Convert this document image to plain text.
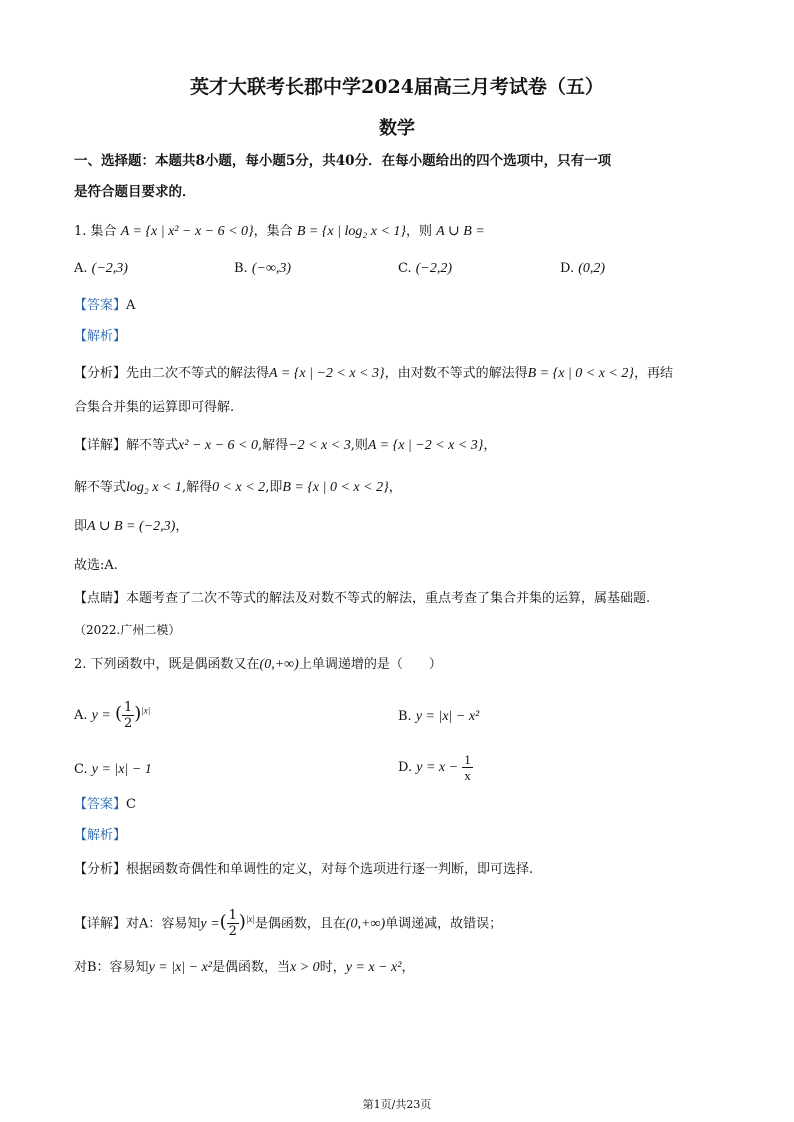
英才大联考长郡中学2024届高三月考试卷（五）
数学
一、选择题：本题共8小题，每小题5分，共40分．在每小题给出的四个选项中，只有一项
是符合题目要求的．
1. 集合 A = {x | x² − x − 6 < 0}，集合 B = {x | log₂ x < 1}，则 A ∪ B =
A. (−2,3)	B. (−∞,3)	C. (−2,2)	D. (0,2)
【答案】A
【解析】
【分析】先由二次不等式的解法得A = {x | −2 < x < 3}，由对数不等式的解法得B = {x | 0 < x < 2}，再结
合集合并集的运算即可得解.
【详解】解不等式x² − x − 6 < 0,解得−2 < x < 3,则A = {x | −2 < x < 3}，
解不等式log₂ x < 1,解得0 < x < 2,即B = {x | 0 < x < 2}，
即A ∪ B = (−2,3)，
故选:A.
【点睛】本题考查了二次不等式的解法及对数不等式的解法，重点考查了集合并集的运算，属基础题.
（2022.广州二模）
2. 下列函数中，既是偶函数又在(0,+∞)上单调递增的是（　　）
A. y = ( $\frac{1}{2} )^{|x|}$	B. y = |x| − x²
C. y = |x| − 1	D. $y = x - \frac{1}{x}$
【答案】C
【解析】
【分析】根据函数奇偶性和单调性的定义，对每个选项进行逐一判断，即可选择.
【详解】对A：容易知y =( $\frac{1}{2} )^{|x|}$是偶函数，且在(0,+∞)单调递减，故错误；
对B：容易知y = |x| − x²是偶函数，当x > 0时，y = x − x²，
第1页/共23页
